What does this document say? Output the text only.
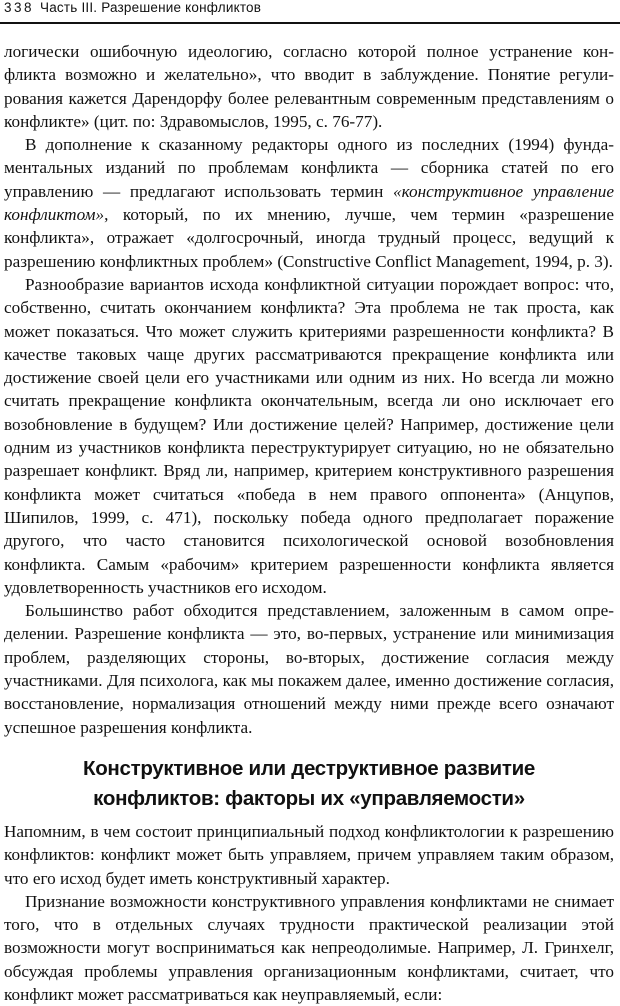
338 Часть III. Разрешение конфликтов

логически ошибочную идеологию, согласно которой полное устранение конфликта возможно и желательно», что вводит в заблуждение. Понятие регулирования кажется Дарендорфу более релевантным современным представлениям о конфликте» (цит. по: Здравомыслов, 1995, с. 76-77).

В дополнение к сказанному редакторы одного из последних (1994) фундаментальных изданий по проблемам конфликта — сборника статей по его управлению — предлагают использовать термин «конструктивное управление конфликтом», который, по их мнению, лучше, чем термин «разрешение конфликта», отражает «долгосрочный, иногда трудный процесс, ведущий к разрешению конфликтных проблем» (Constructive Conflict Management, 1994, p. 3).

Разнообразие вариантов исхода конфликтной ситуации порождает вопрос: что, собственно, считать окончанием конфликта? Эта проблема не так проста, как может показаться. Что может служить критериями разрешенности конфликта? В качестве таковых чаще других рассматриваются прекращение конфликта или достижение своей цели его участниками или одним из них. Но всегда ли можно считать прекращение конфликта окончательным, всегда ли оно исключает его возобновление в будущем? Или достижение целей? Например, достижение цели одним из участников конфликта переструктурирует ситуацию, но не обязательно разрешает конфликт. Вряд ли, например, критерием конструктивного разрешения конфликта может считаться «победа в нем правого оппонента» (Анцупов, Шипилов, 1999, с. 471), поскольку победа одного предполагает поражение другого, что часто становится психологической основой возобновления конфликта. Самым «рабочим» критерием разрешенности конфликта является удовлетворенность участников его исходом.

Большинство работ обходится представлением, заложенным в самом определении. Разрешение конфликта — это, во-первых, устранение или минимизация проблем, разделяющих стороны, во-вторых, достижение согласия между участниками. Для психолога, как мы покажем далее, именно достижение согласия, восстановление, нормализация отношений между ними прежде всего означают успешное разрешения конфликта.

Конструктивное или деструктивное развитие
конфликтов: факторы их «управляемости»

Напомним, в чем состоит принципиальный подход конфликтологии к разрешению конфликтов: конфликт может быть управляем, причем управляем таким образом, что его исход будет иметь конструктивный характер.

Признание возможности конструктивного управления конфликтами не снимает того, что в отдельных случаях трудности практической реализации этой возможности могут восприниматься как непреодолимые. Например, Л. Гринхелг, обсуждая проблемы управления организационным конфликтами, считает, что конфликт может рассматриваться как неуправляемый, если:
